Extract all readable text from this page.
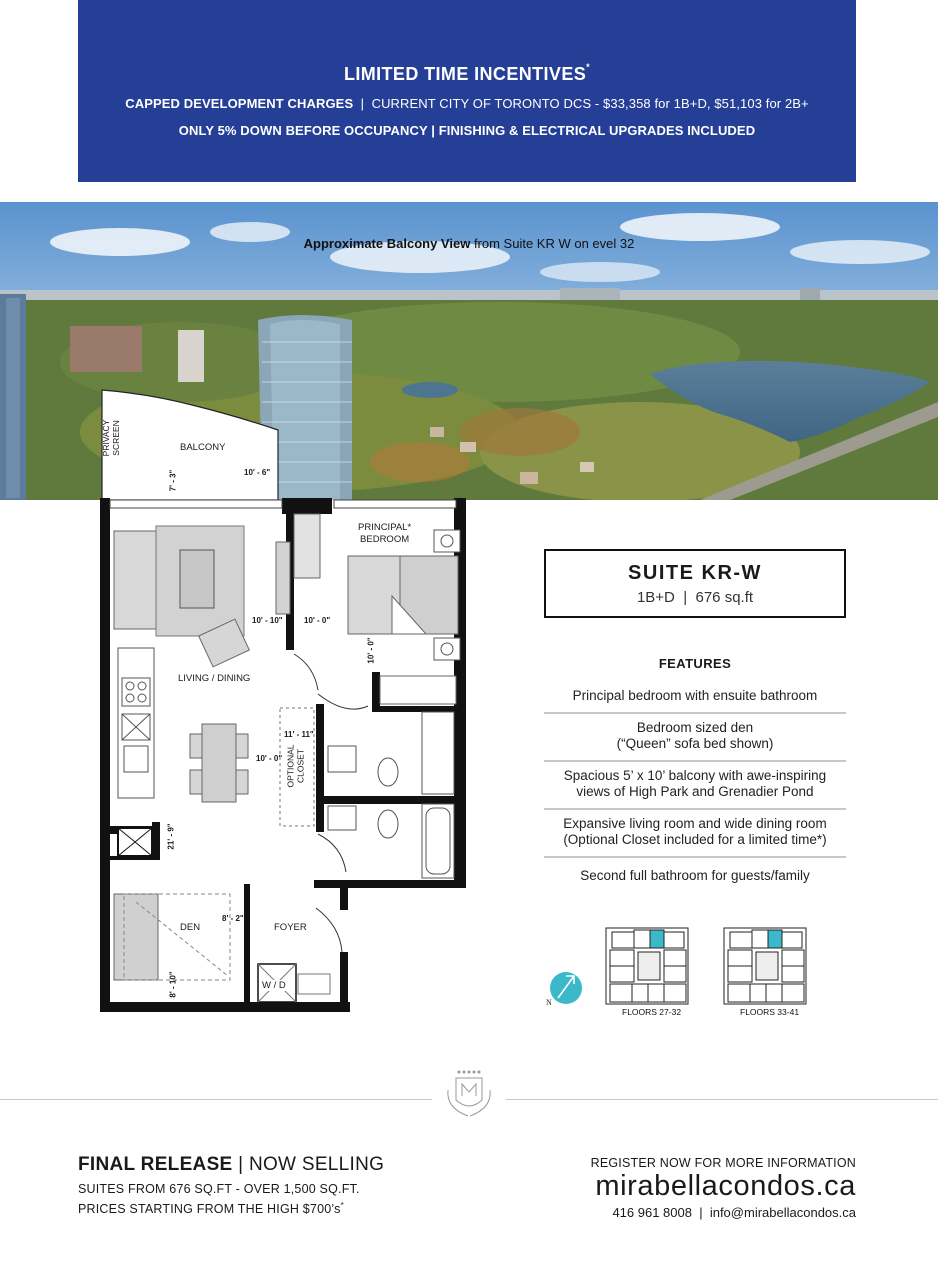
LIMITED TIME INCENTIVES*
CAPPED DEVELOPMENT CHARGES | CURRENT CITY OF TORONTO DCS - $33,358 for 1B+D, $51,103 for 2B+
ONLY 5% DOWN BEFORE OCCUPANCY | FINISHING & ELECTRICAL UPGRADES INCLUDED
Approximate Balcony View from Suite KR W on evel 32
BALCONY
PRIVACY SCREEN
7' - 3"	10' - 6"
PRINCIPAL*
BEDROOM
10' - 10"	10' - 0"
10' - 0"
LIVING / DINING
10' - 0"
11' - 11"
OPTIONAL CLOSET
21' - 9"
DEN
8' - 2"
8' - 10"
FOYER
W / D
SUITE KR-W
1B+D | 676 sq.ft
FEATURES
Principal bedroom with ensuite bathroom
Bedroom sized den
(“Queen” sofa bed shown)
Spacious 5’ x 10’ balcony with awe-inspiring
views of High Park and Grenadier Pond
Expansive living room and wide dining room
(Optional Closet included for a limited time*)
Second full bathroom for guests/family
N
FLOORS 27-32	FLOORS 33-41
FINAL RELEASE | NOW SELLING
SUITES FROM 676 SQ.FT - OVER 1,500 SQ.FT.
PRICES STARTING FROM THE HIGH $700’s*
REGISTER NOW FOR MORE INFORMATION
mirabellacondos.ca
416 961 8008 | info@mirabellacondos.ca
